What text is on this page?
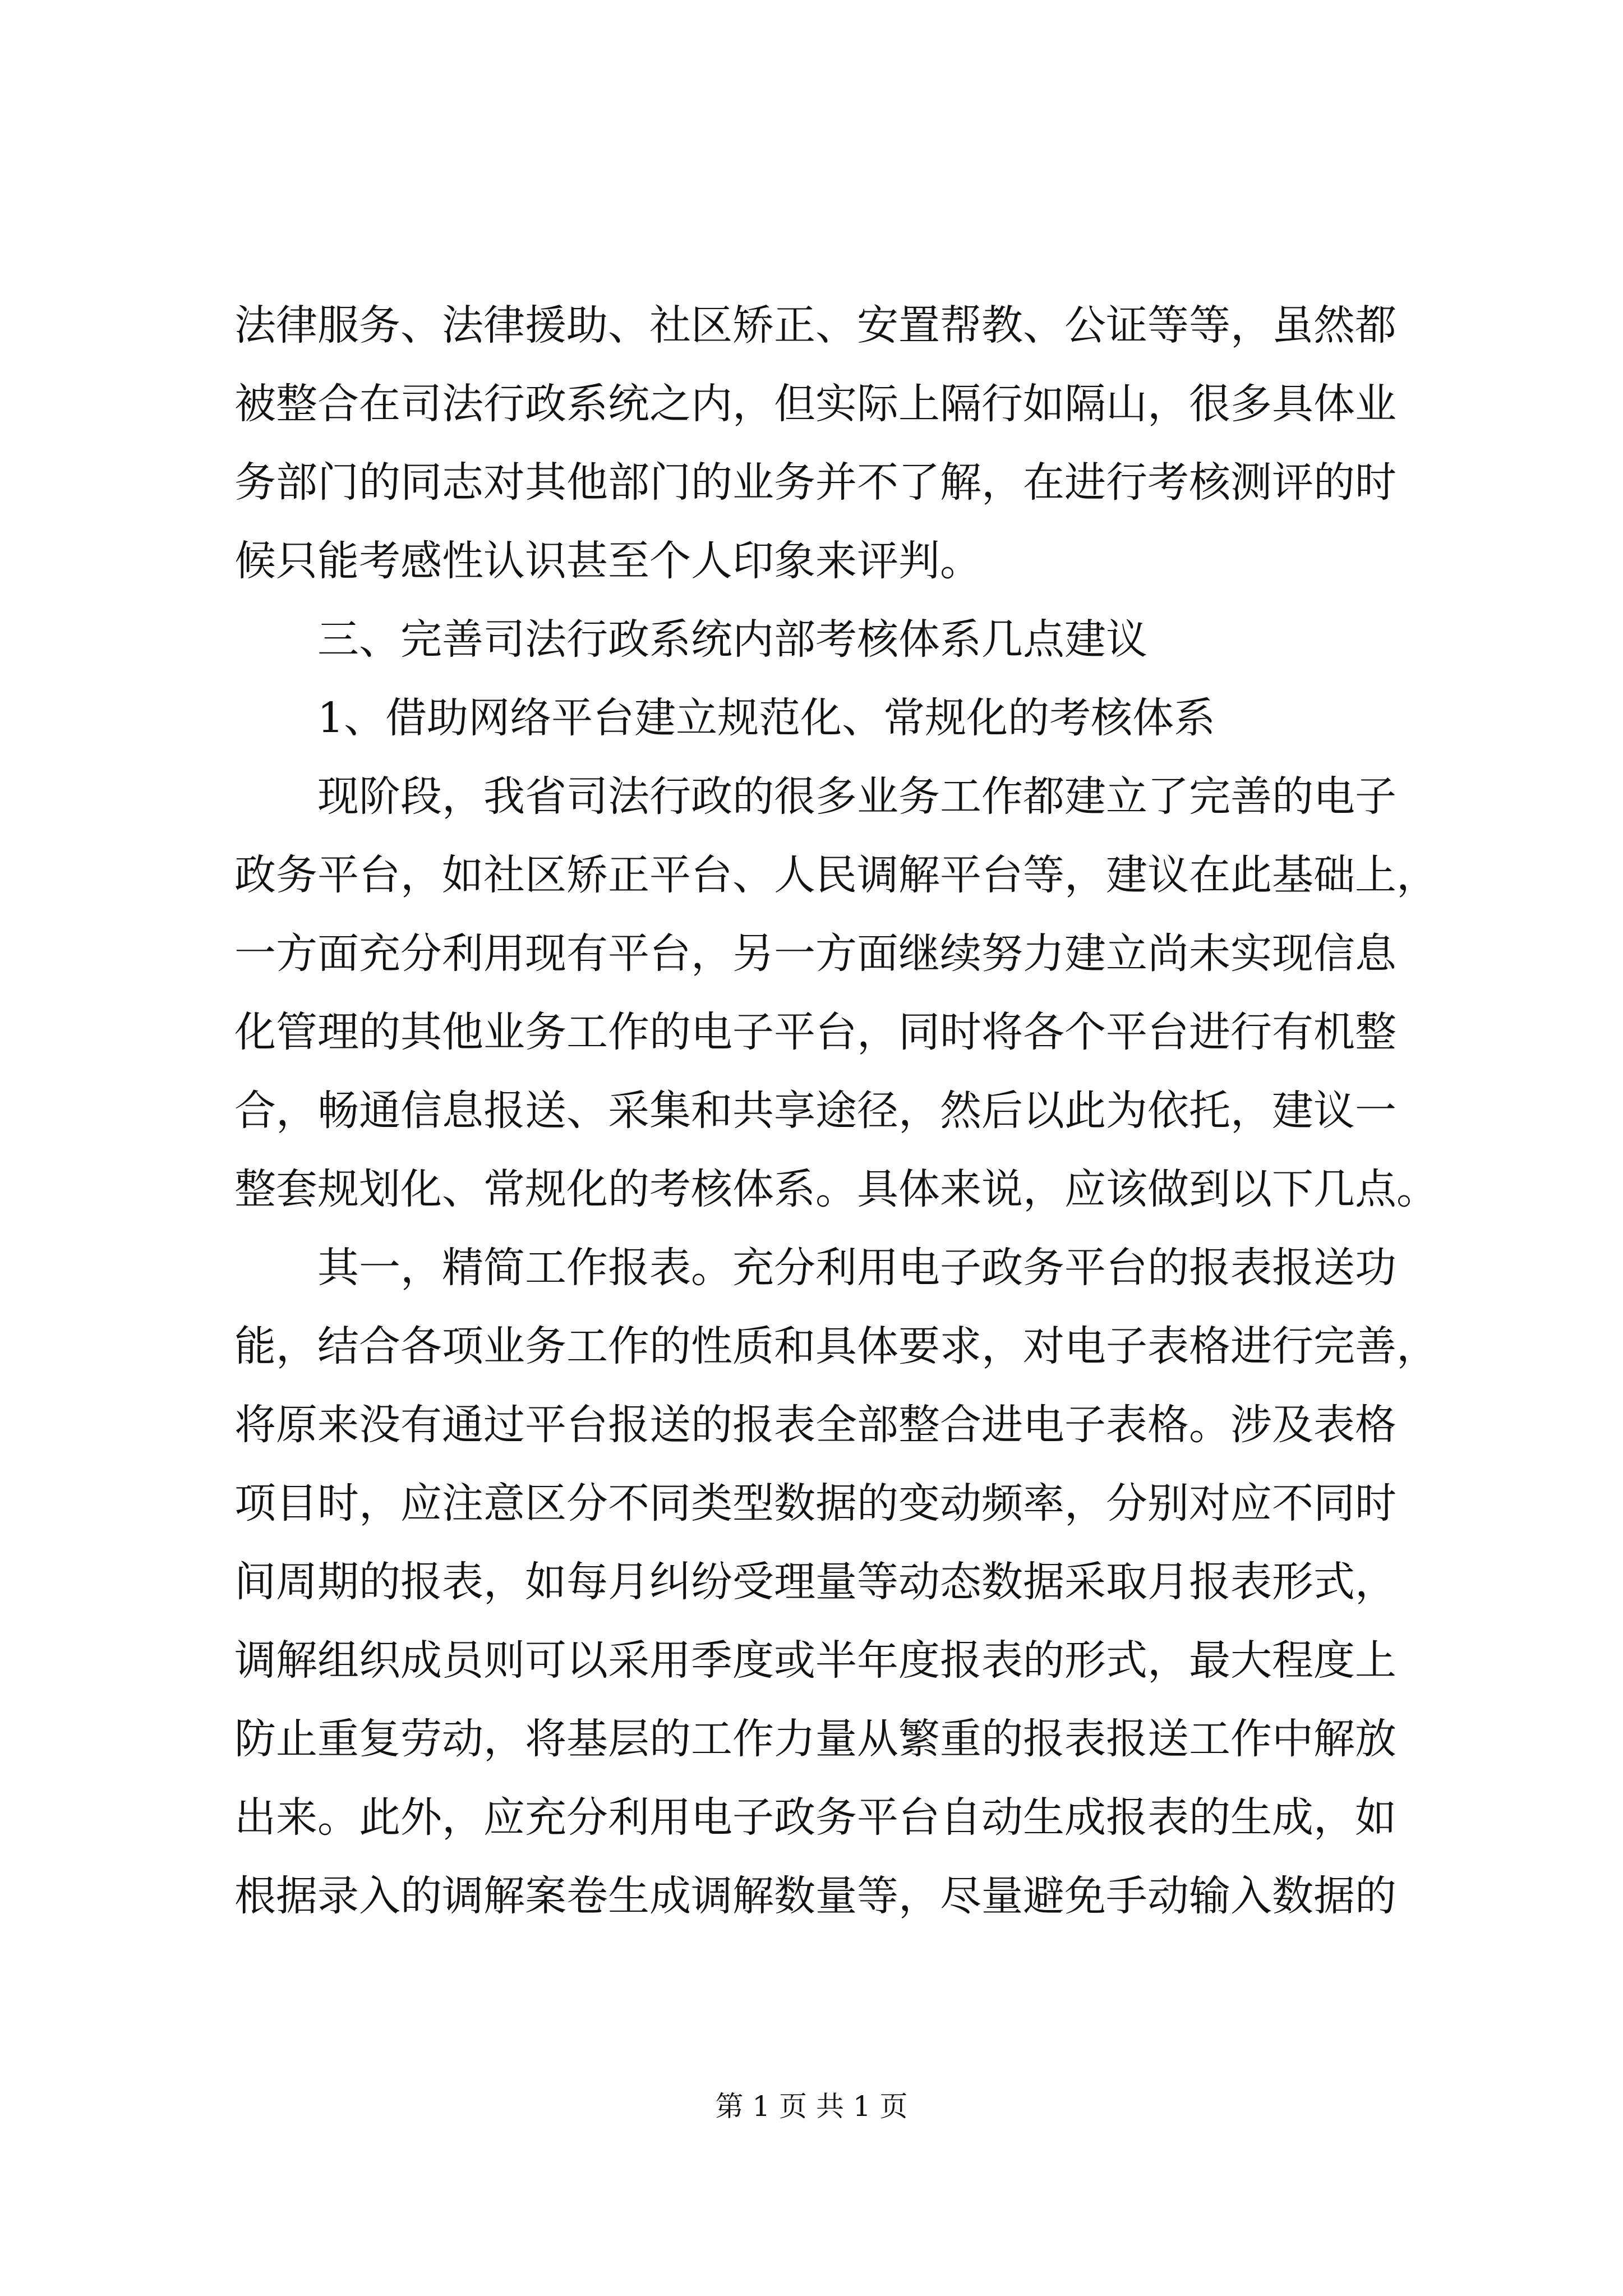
法律服务、法律援助、社区矫正、安置帮教、公证等等，虽然都
被整合在司法行政系统之内，但实际上隔行如隔山，很多具体业
务部门的同志对其他部门的业务并不了解，在进行考核测评的时
候只能考感性认识甚至个人印象来评判。
三、完善司法行政系统内部考核体系几点建议
1、借助网络平台建立规范化、常规化的考核体系
现阶段，我省司法行政的很多业务工作都建立了完善的电子
政务平台，如社区矫正平台、人民调解平台等，建议在此基础上，
一方面充分利用现有平台，另一方面继续努力建立尚未实现信息
化管理的其他业务工作的电子平台，同时将各个平台进行有机整
合，畅通信息报送、采集和共享途径，然后以此为依托，建议一
整套规划化、常规化的考核体系。具体来说，应该做到以下几点。
其一，精简工作报表。充分利用电子政务平台的报表报送功
能，结合各项业务工作的性质和具体要求，对电子表格进行完善，
将原来没有通过平台报送的报表全部整合进电子表格。涉及表格
项目时，应注意区分不同类型数据的变动频率，分别对应不同时
间周期的报表，如每月纠纷受理量等动态数据采取月报表形式，
调解组织成员则可以采用季度或半年度报表的形式，最大程度上
防止重复劳动，将基层的工作力量从繁重的报表报送工作中解放
出来。此外，应充分利用电子政务平台自动生成报表的生成，如
根据录入的调解案卷生成调解数量等，尽量避免手动输入数据的
第 1 页 共 1 页
